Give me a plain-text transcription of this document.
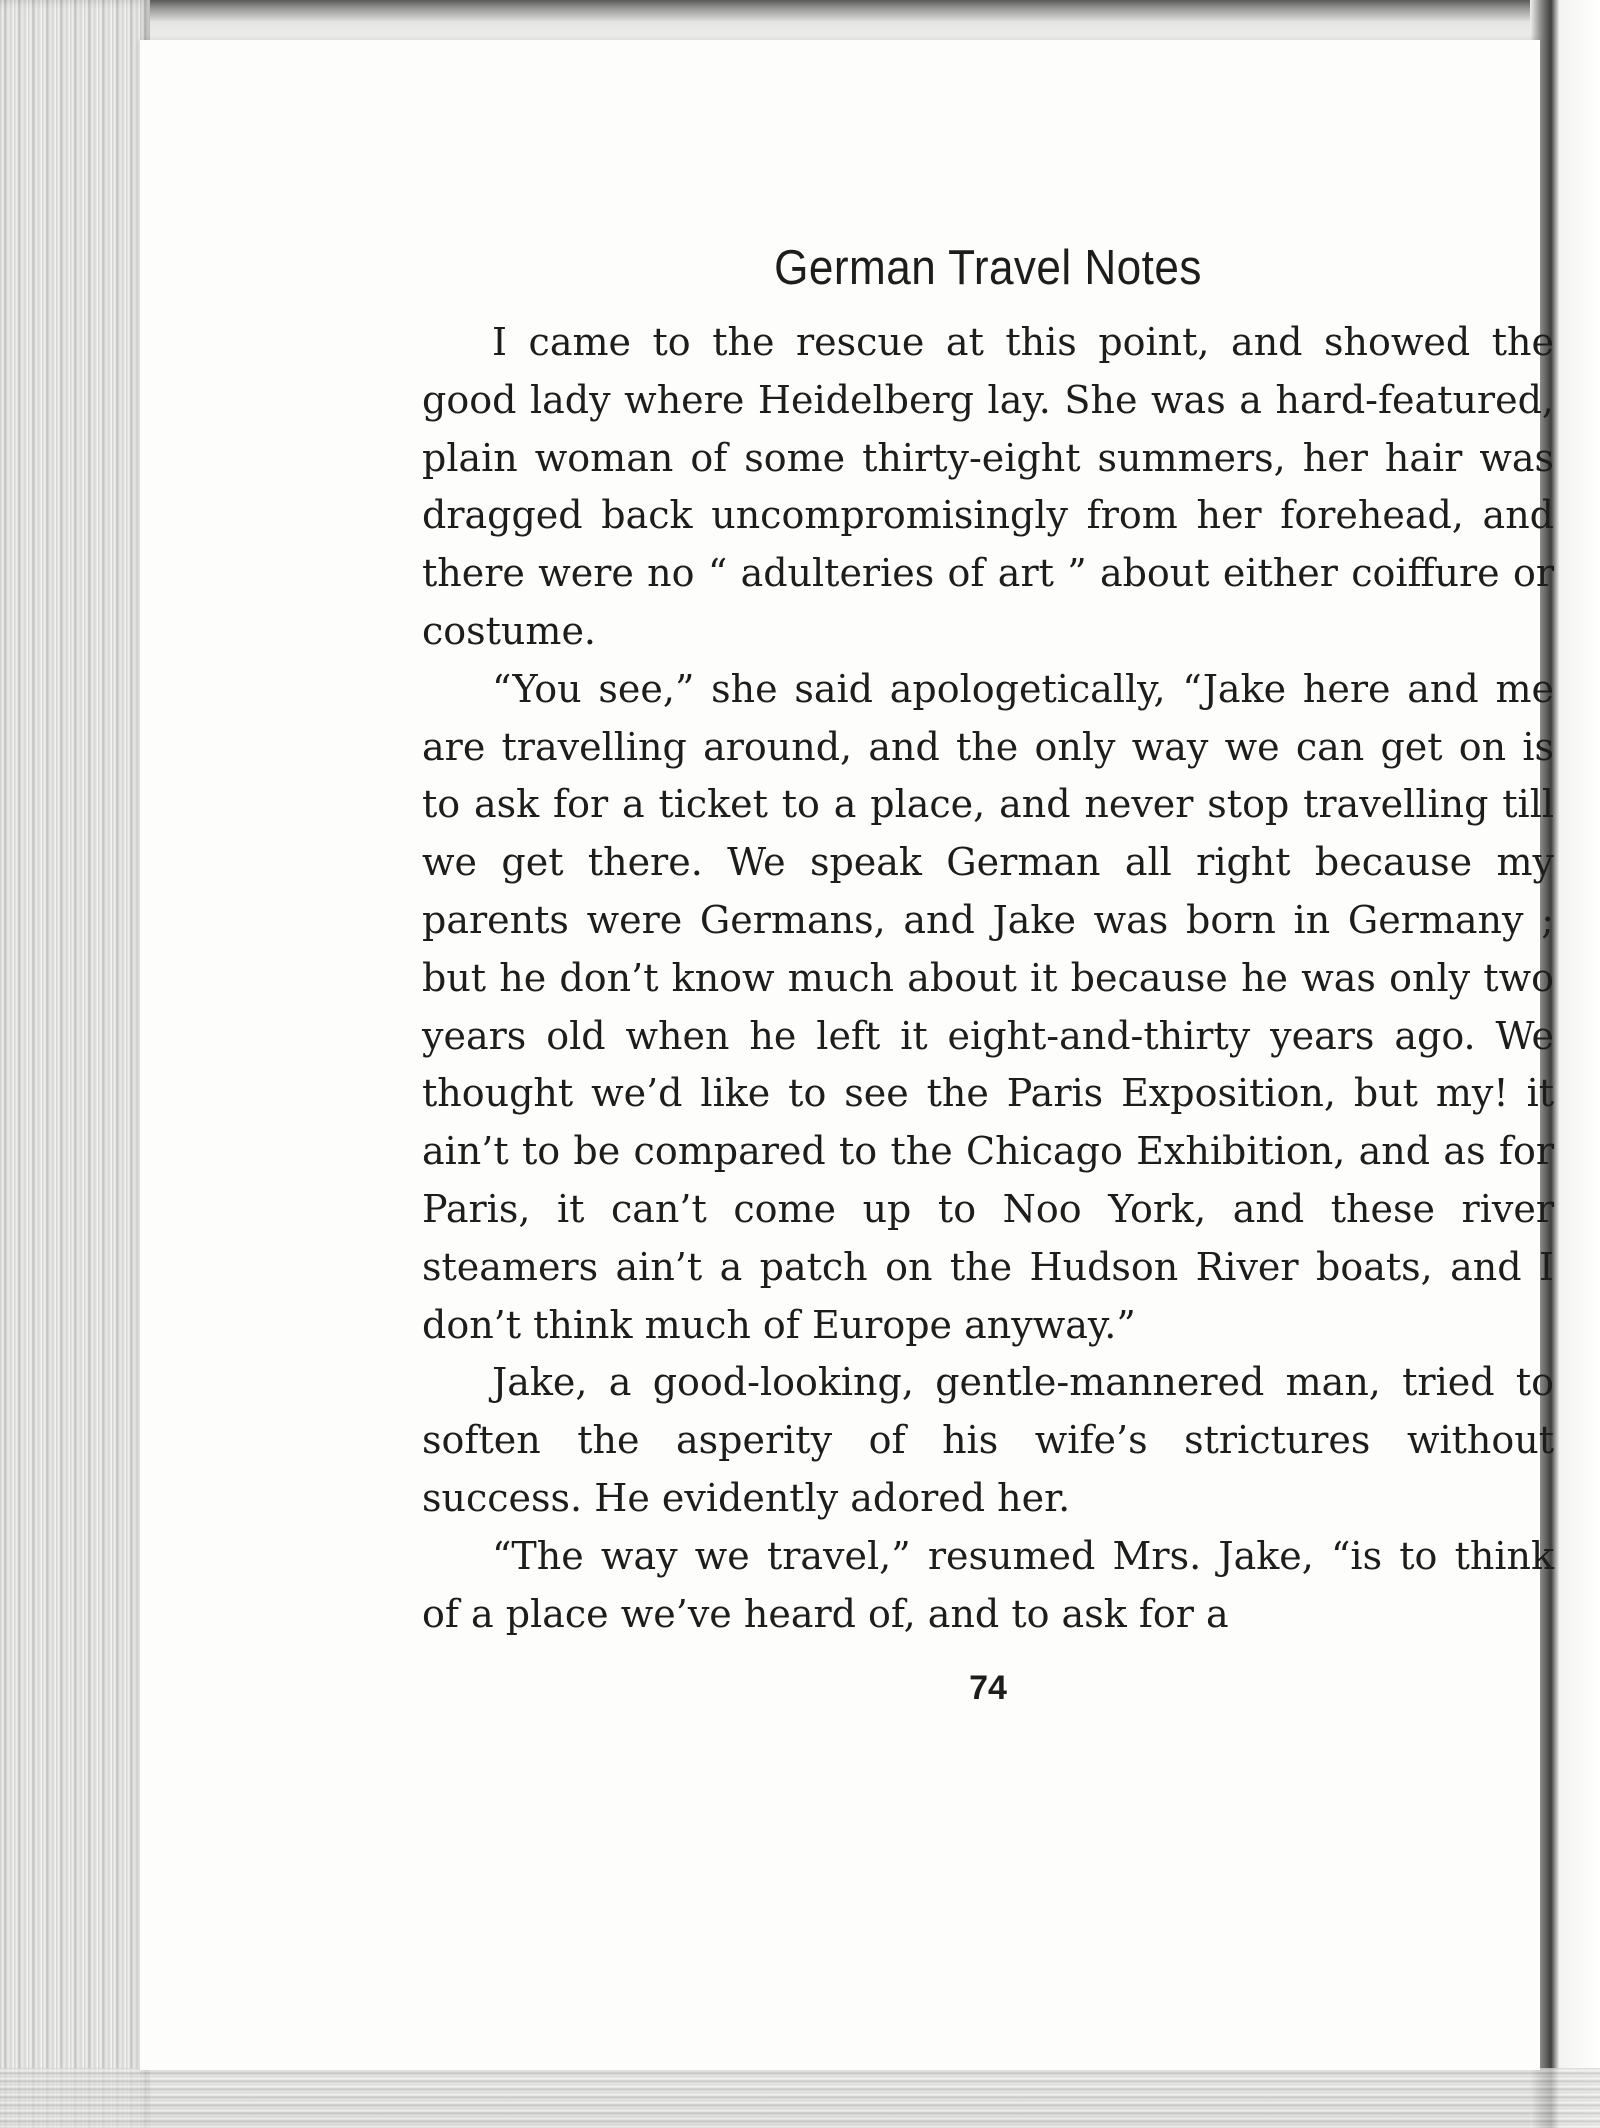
German Travel Notes

I came to the rescue at this point, and showed the good lady where Heidelberg lay. She was a hard-featured, plain woman of some thirty-eight summers, her hair was dragged back uncompromisingly from her forehead, and there were no “ adulteries of art ” about either coiffure or costume.

“You see,” she said apologetically, “Jake here and me are travelling around, and the only way we can get on is to ask for a ticket to a place, and never stop travelling till we get there. We speak German all right because my parents were Germans, and Jake was born in Germany ; but he don’t know much about it because he was only two years old when he left it eight-and-thirty years ago. We thought we’d like to see the Paris Exposition, but my! it ain’t to be compared to the Chicago Exhibition, and as for Paris, it can’t come up to Noo York, and these river steamers ain’t a patch on the Hudson River boats, and I don’t think much of Europe anyway.”

Jake, a good-looking, gentle-mannered man, tried to soften the asperity of his wife’s strictures without success. He evidently adored her.

“The way we travel,” resumed Mrs. Jake, “is to think of a place we’ve heard of, and to ask for a

74
